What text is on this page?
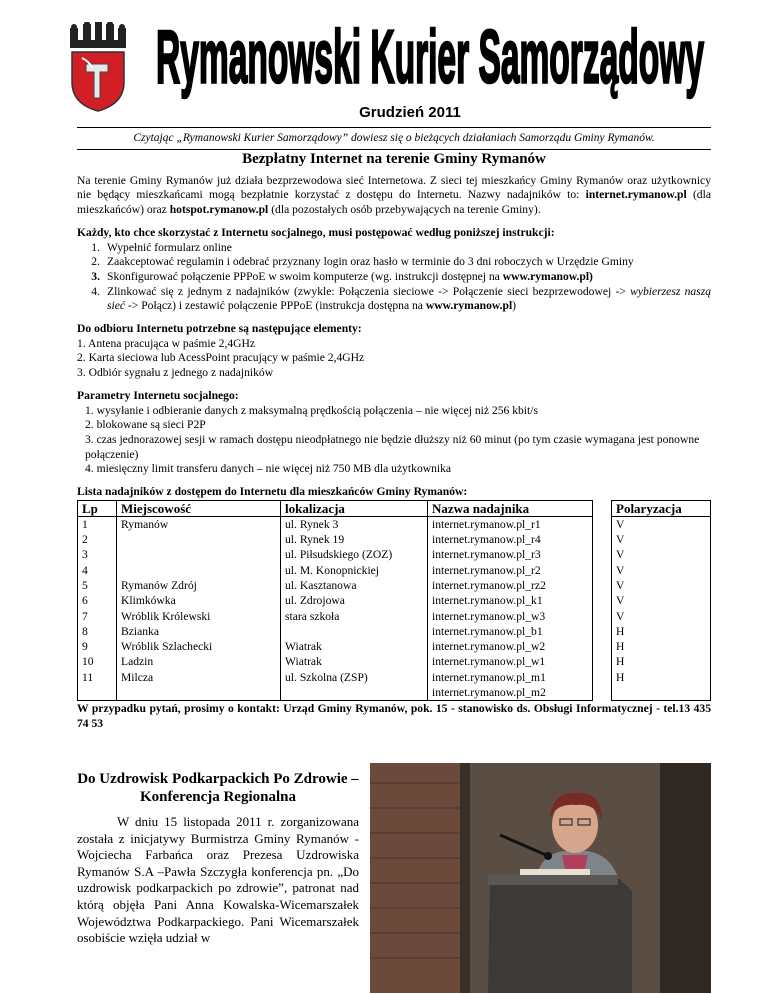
Rymanowski Kurier Samorządowy
Grudzień 2011
Czytając „Rymanowski Kurier Samorządowy” dowiesz się o bieżących działaniach Samorządu Gminy Rymanów.
Bezpłatny Internet na terenie Gminy Rymanów

Na terenie Gminy Rymanów już działa bezprzewodowa sieć Internetowa. Z sieci tej mieszkańcy Gminy Rymanów oraz użytkownicy nie będący mieszkańcami mogą bezpłatnie korzystać z dostępu do Internetu. Nazwy nadajników to: internet.rymanow.pl (dla mieszkańców) oraz hotspot.rymanow.pl (dla pozostałych osób przebywających na terenie Gminy).

Każdy, kto chce skorzystać z Internetu socjalnego, musi postępować według poniższej instrukcji:

1. Wypełnić formularz online
2. Zaakceptować regulamin i odebrać przyznany login oraz hasło w terminie do 3 dni roboczych w Urzędzie Gminy
3. Skonfigurować połączenie PPPoE w swoim komputerze (wg. instrukcji dostępnej na www.rymanow.pl)
4. Zlinkować się z jednym z nadajników (zwykle: Połączenia sieciowe -> Połączenie sieci bezprzewodowej -> wybierzesz naszą sieć -> Połącz) i zestawić połączenie PPPoE (instrukcja dostępna na www.rymanow.pl)

Do odbioru Internetu potrzebne są następujące elementy:

1. Antena pracująca w paśmie 2,4GHz

2. Karta sieciowa lub AcessPoint pracujący w paśmie 2,4GHz

3. Odbiór sygnału z jednego z nadajników

Parametry Internetu socjalnego:

1. wysyłanie i odbieranie danych z maksymalną prędkością połączenia – nie więcej niż 256 kbit/s

2. blokowane są sieci P2P

3. czas jednorazowej sesji w ramach dostępu nieodpłatnego nie będzie dłuższy niż 60 minut (po tym czasie wymagana jest ponowne połączenie)

4. miesięczny limit transferu danych – nie więcej niż 750 MB dla użytkownika

Lista nadajników z dostępem do Internetu dla mieszkańców Gminy Rymanów:

Lp	Miejscowość	lokalizacja	Nazwa nadajnika		Polaryzacja
1	Rymanów	ul. Rynek 3	internet.rymanow.pl_r1		V
2		ul. Rynek 19	internet.rymanow.pl_r4		V
3		ul. Piłsudskiego (ZOZ)	internet.rymanow.pl_r3		V
4		ul. M. Konopnickiej	internet.rymanow.pl_r2		V
5	Rymanów Zdrój	ul. Kasztanowa	internet.rymanow.pl_rz2		V
6	Klimkówka	ul. Zdrojowa	internet.rymanow.pl_k1		V
7	Wróblik Królewski	stara szkoła	internet.rymanow.pl_w3		V
8	Bzianka		internet.rymanow.pl_b1		H
9	Wróblik Szlachecki	Wiatrak	internet.rymanow.pl_w2		H
10	Ladzin	Wiatrak	internet.rymanow.pl_w1		H
11	Milcza	ul. Szkolna (ZSP)	internet.rymanow.pl_m1		H
			internet.rymanow.pl_m2		

W przypadku pytań, prosimy o kontakt: Urząd Gminy Rymanów, pok. 15 - stanowisko ds. Obsługi Informatycznej - tel.13 435 74 53

Do Uzdrowisk Podkarpackich Po Zdrowie – Konferencja Regionalna

W dniu 15 listopada 2011 r. zorganizowana została z inicjatywy Burmistrza Gminy Rymanów - Wojciecha Farbańca oraz Prezesa Uzdrowiska Rymanów S.A –Pawła Szczygła konferencja pn. „Do uzdrowisk podkarpackich po zdrowie”, patronat nad którą objęła Pani Anna Kowalska-Wicemarszałek Województwa Podkarpackiego. Pani Wicemarszałek osobiście wzięła udział w
